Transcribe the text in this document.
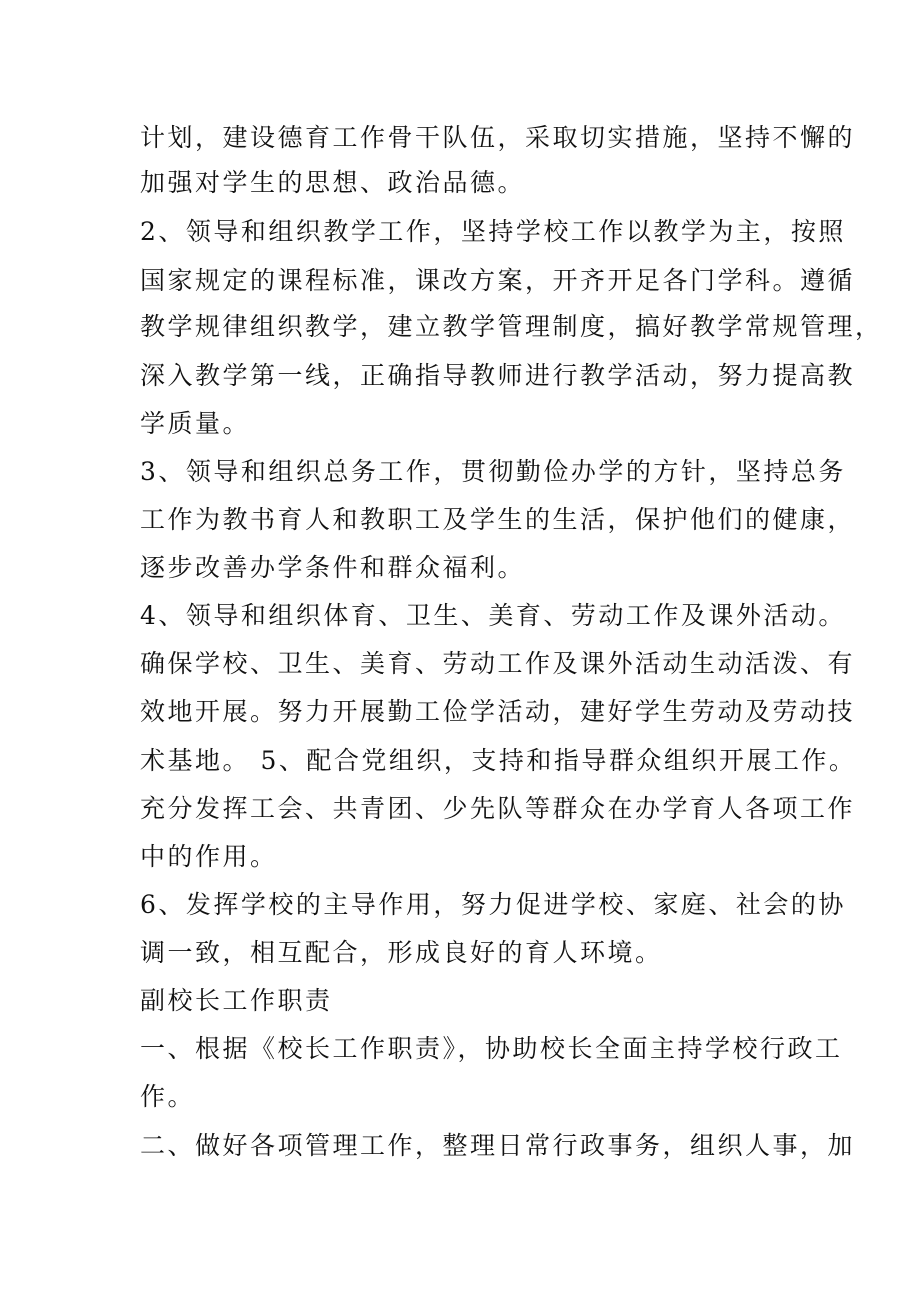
计划，建设德育工作骨干队伍，采取切实措施，坚持不懈的
加强对学生的思想、政治品德。
2、领导和组织教学工作，坚持学校工作以教学为主，按照
国家规定的课程标准，课改方案，开齐开足各门学科。遵循
教学规律组织教学，建立教学管理制度，搞好教学常规管理，
深入教学第一线，正确指导教师进行教学活动，努力提高教
学质量。
3、领导和组织总务工作，贯彻勤俭办学的方针，坚持总务
工作为教书育人和教职工及学生的生活，保护他们的健康，
逐步改善办学条件和群众福利。
4、领导和组织体育、卫生、美育、劳动工作及课外活动。
确保学校、卫生、美育、劳动工作及课外活动生动活泼、有
效地开展。努力开展勤工俭学活动，建好学生劳动及劳动技
术基地。 5、配合党组织，支持和指导群众组织开展工作。
充分发挥工会、共青团、少先队等群众在办学育人各项工作
中的作用。
6、发挥学校的主导作用，努力促进学校、家庭、社会的协
调一致，相互配合，形成良好的育人环境。
副校长工作职责
一、根据《校长工作职责》，协助校长全面主持学校行政工
作。
二、做好各项管理工作，整理日常行政事务，组织人事，加
